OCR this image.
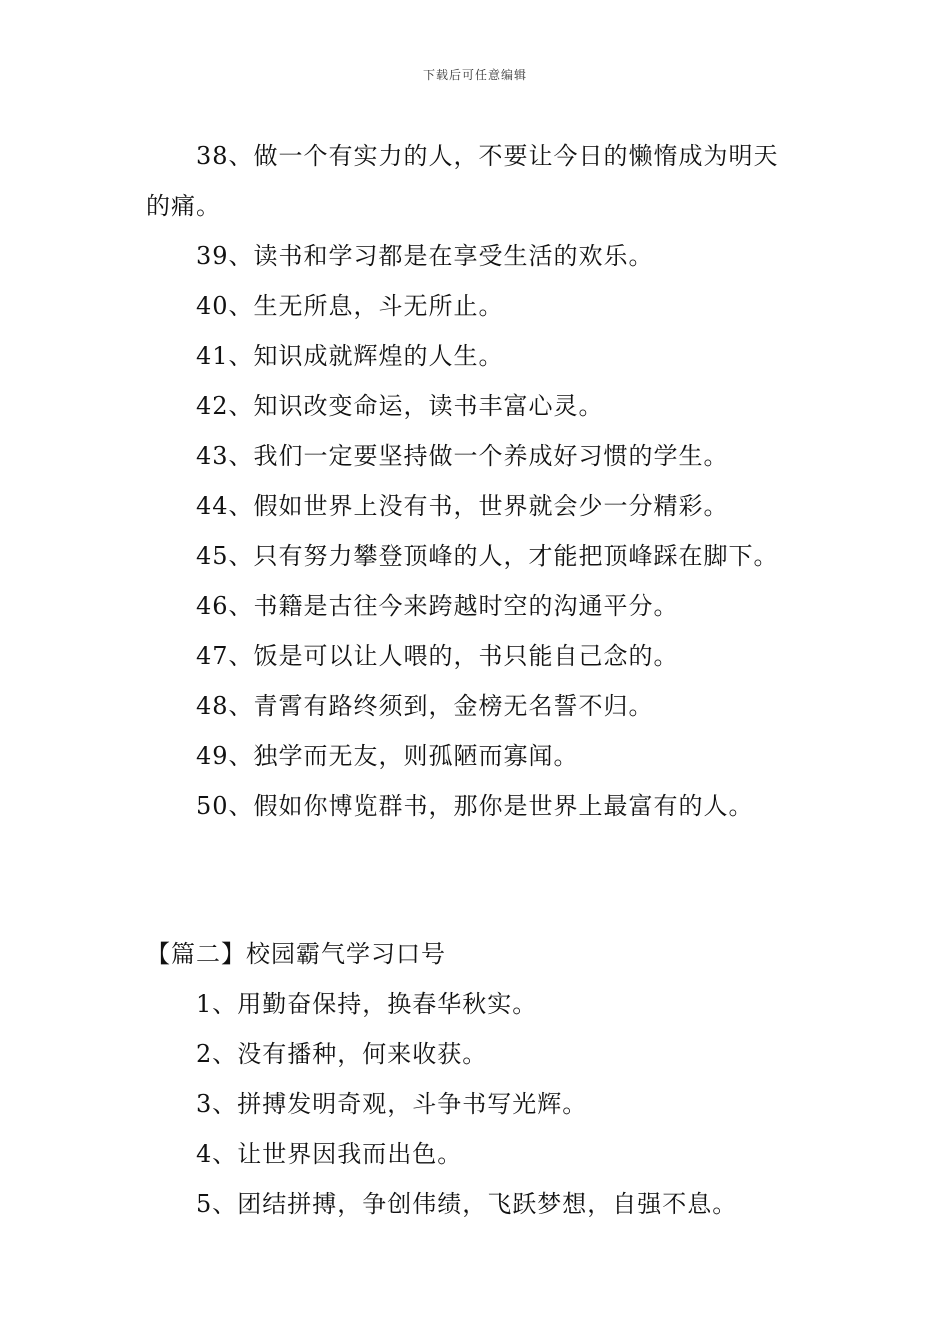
下载后可任意编辑
38、做一个有实力的人，不要让今日的懒惰成为明天
的痛。
39、读书和学习都是在享受生活的欢乐。
40、生无所息，斗无所止。
41、知识成就辉煌的人生。
42、知识改变命运，读书丰富心灵。
43、我们一定要坚持做一个养成好习惯的学生。
44、假如世界上没有书，世界就会少一分精彩。
45、只有努力攀登顶峰的人，才能把顶峰踩在脚下。
46、书籍是古往今来跨越时空的沟通平分。
47、饭是可以让人喂的，书只能自己念的。
48、青霄有路终须到，金榜无名誓不归。
49、独学而无友，则孤陋而寡闻。
50、假如你博览群书，那你是世界上最富有的人。
【篇二】校园霸气学习口号
1、用勤奋保持，换春华秋实。
2、没有播种，何来收获。
3、拼搏发明奇观，斗争书写光辉。
4、让世界因我而出色。
5、团结拼搏，争创伟绩，飞跃梦想，自强不息。
